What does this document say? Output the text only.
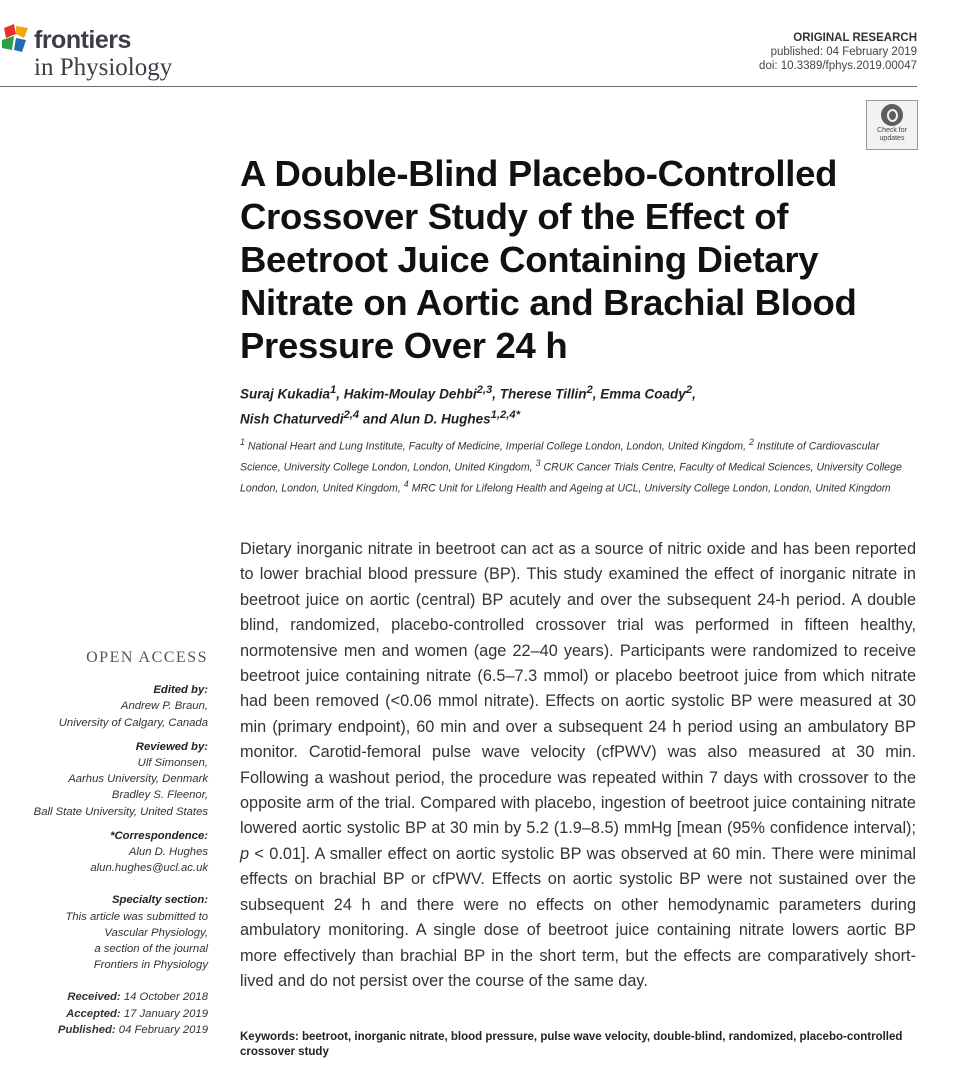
frontiers
in Physiology
ORIGINAL RESEARCH
published: 04 February 2019
doi: 10.3389/fphys.2019.00047
Check for updates
A Double-Blind Placebo-Controlled Crossover Study of the Effect of Beetroot Juice Containing Dietary Nitrate on Aortic and Brachial Blood Pressure Over 24 h
Suraj Kukadia$^1$, Hakim-Moulay Dehbi$^{2,3}$, Therese Tillin$^2$, Emma Coady$^2$,
Nish Chaturvedi$^{2,4}$ and Alun D. Hughes$^{1,2,4*}$
$^1$ National Heart and Lung Institute, Faculty of Medicine, Imperial College London, London, United Kingdom, $^2$ Institute of Cardiovascular Science, University College London, London, United Kingdom, $^3$ CRUK Cancer Trials Centre, Faculty of Medical Sciences, University College London, London, United Kingdom, $^4$ MRC Unit for Lifelong Health and Ageing at UCL, University College London, London, United Kingdom

Dietary inorganic nitrate in beetroot can act as a source of nitric oxide and has been reported to lower brachial blood pressure (BP). This study examined the effect of inorganic nitrate in beetroot juice on aortic (central) BP acutely and over the subsequent 24-h period. A double blind, randomized, placebo-controlled crossover trial was performed in fifteen healthy, normotensive men and women (age 22–40 years). Participants were randomized to receive beetroot juice containing nitrate (6.5–7.3 mmol) or placebo beetroot juice from which nitrate had been removed (<0.06 mmol nitrate). Effects on aortic systolic BP were measured at 30 min (primary endpoint), 60 min and over a subsequent 24 h period using an ambulatory BP monitor. Carotid-femoral pulse wave velocity (cfPWV) was also measured at 30 min. Following a washout period, the procedure was repeated within 7 days with crossover to the opposite arm of the trial. Compared with placebo, ingestion of beetroot juice containing nitrate lowered aortic systolic BP at 30 min by 5.2 (1.9–8.5) mmHg [mean (95% confidence interval); p < 0.01]. A smaller effect on aortic systolic BP was observed at 60 min. There were minimal effects on brachial BP or cfPWV. Effects on aortic systolic BP were not sustained over the subsequent 24 h and there were no effects on other hemodynamic parameters during ambulatory monitoring. A single dose of beetroot juice containing nitrate lowers aortic BP more effectively than brachial BP in the short term, but the effects are comparatively short-lived and do not persist over the course of the same day.

Keywords: beetroot, inorganic nitrate, blood pressure, pulse wave velocity, double-blind, randomized, placebo-controlled crossover study
OPEN ACCESS
Edited by:
Andrew P. Braun,
University of Calgary, Canada
Reviewed by:
Ulf Simonsen,
Aarhus University, Denmark
Bradley S. Fleenor,
Ball State University, United States
*Correspondence:
Alun D. Hughes
alun.hughes@ucl.ac.uk
Specialty section:
This article was submitted to
Vascular Physiology,
a section of the journal
Frontiers in Physiology
Received: 14 October 2018
Accepted: 17 January 2019
Published: 04 February 2019
